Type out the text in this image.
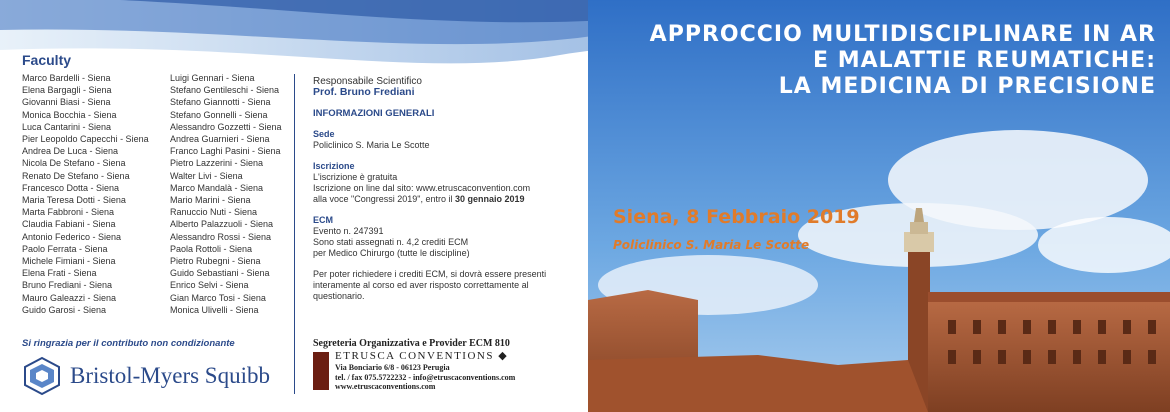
APPROCCIO MULTIDISCIPLINARE IN AR
E MALATTIE REUMATICHE:
LA MEDICINA DI PRECISIONE
Siena, 8 Febbraio 2019
Policlinico S. Maria Le Scotte
Faculty
Marco Bardelli - Siena
Elena Bargagli - Siena
Giovanni Biasi - Siena
Monica Bocchia - Siena
Luca Cantarini - Siena
Pier Leopoldo Capecchi - Siena
Andrea De Luca - Siena
Nicola De Stefano - Siena
Renato De Stefano - Siena
Francesco Dotta - Siena
Maria Teresa Dotti - Siena
Marta Fabbroni - Siena
Claudia Fabiani - Siena
Antonio Federico - Siena
Paolo Ferrata - Siena
Michele Fimiani - Siena
Elena Frati - Siena
Bruno Frediani - Siena
Mauro Galeazzi - Siena
Guido Garosi - Siena
Luigi Gennari - Siena
Stefano Gentileschi - Siena
Stefano Giannotti - Siena
Stefano Gonnelli - Siena
Alessandro Gozzetti - Siena
Andrea Guarnieri - Siena
Franco Laghi Pasini - Siena
Pietro Lazzerini - Siena
Walter Livi - Siena
Marco Mandalà - Siena
Mario Marini - Siena
Ranuccio Nuti - Siena
Alberto Palazzuoli - Siena
Alessandro Rossi - Siena
Paola Rottoli - Siena
Pietro Rubegni - Siena
Guido Sebastiani - Siena
Enrico Selvi - Siena
Gian Marco Tosi - Siena
Monica Ulivelli - Siena
Si ringrazia per il contributo non condizionante
Bristol-Myers Squibb
Responsabile Scientifico
Prof. Bruno Frediani
INFORMAZIONI GENERALI
Sede
Policlinico S. Maria Le Scotte
Iscrizione
L'iscrizione è gratuita
Iscrizione on line dal sito: www.etruscaconvention.com
alla voce "Congressi 2019", entro il 30 gennaio 2019
ECM
Evento n. 247391
Sono stati assegnati n. 4,2 crediti ECM
per Medico Chirurgo (tutte le discipline)
Per poter richiedere i crediti ECM, si dovrà essere presenti interamente al corso ed aver risposto correttamente al questionario.
Segreteria Organizzativa e Provider ECM 810
ETRUSCA CONVENTIONS ◆
Via Bonciario 6/8 - 06123 Perugia
tel. / fax 075.5722232 - info@etruscaconventions.com
www.etruscaconventions.com
